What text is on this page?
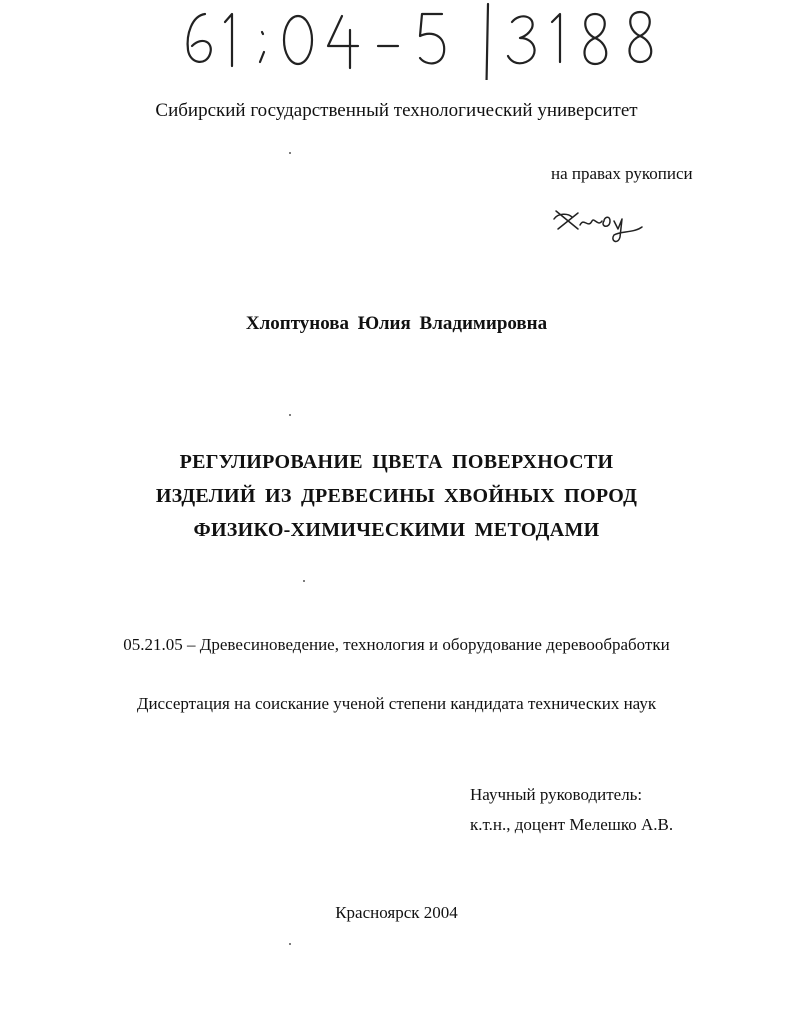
Сибирский государственный технологический университет
на правах рукописи
Хлоптунова Юлия Владимировна
РЕГУЛИРОВАНИЕ ЦВЕТА ПОВЕРХНОСТИ
ИЗДЕЛИЙ ИЗ ДРЕВЕСИНЫ ХВОЙНЫХ ПОРОД
ФИЗИКО-ХИМИЧЕСКИМИ МЕТОДАМИ
05.21.05 – Древесиноведение, технология и оборудование деревообработки
Диссертация на соискание ученой степени кандидата технических наук
Научный руководитель:
к.т.н., доцент Мелешко А.В.
Красноярск 2004
